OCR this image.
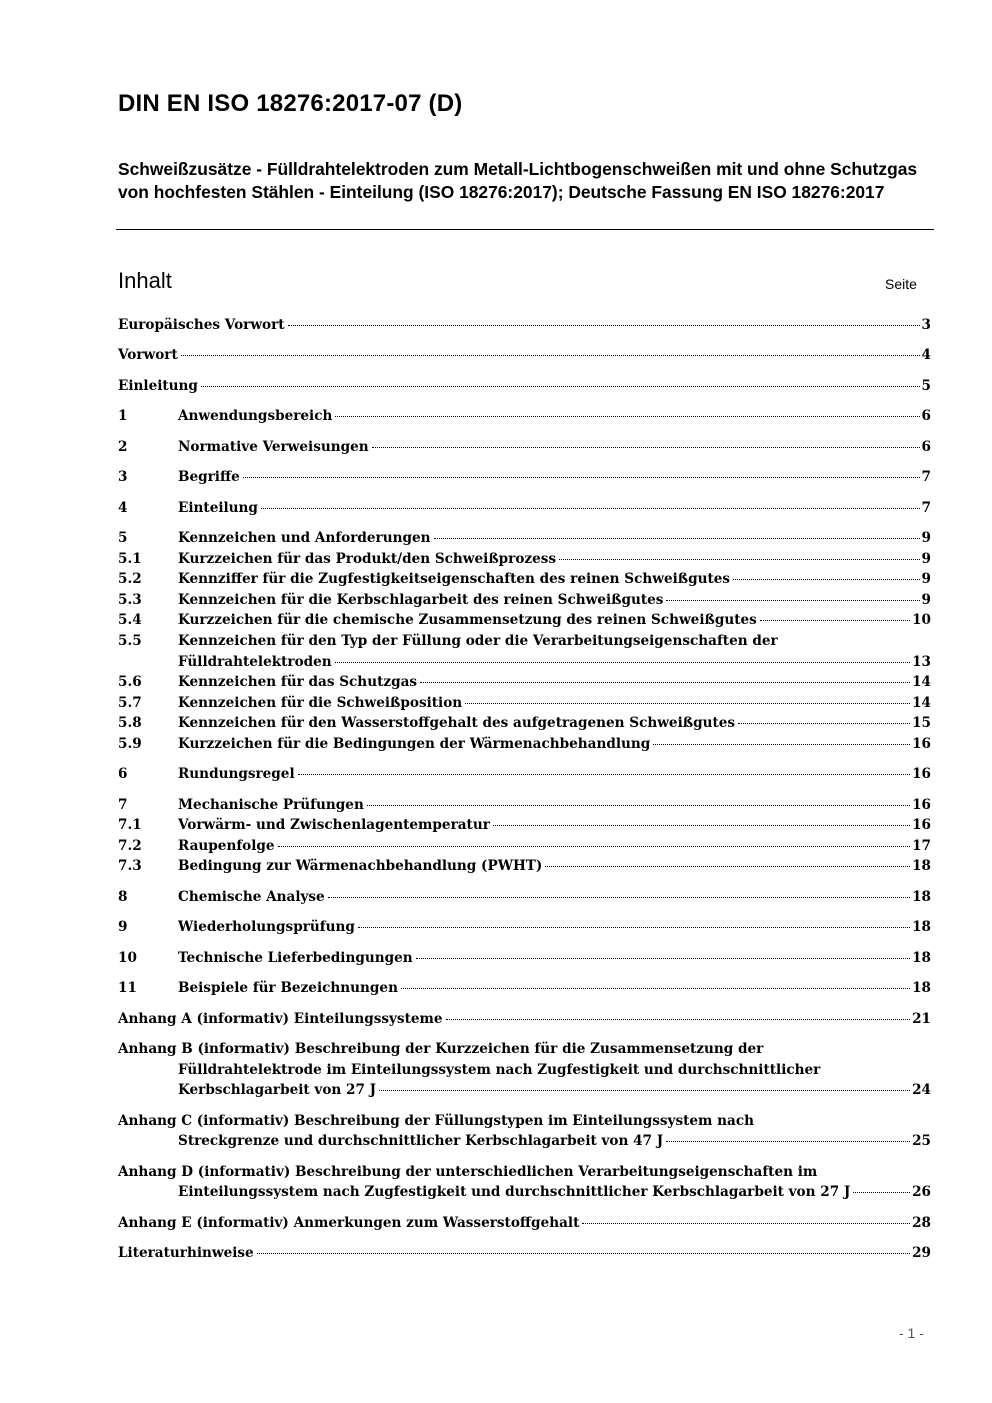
DIN EN ISO 18276:2017-07 (D)
Schweißzusätze - Fülldrahtelektroden zum Metall-Lichtbogenschweißen mit und ohne Schutzgas von hochfesten Stählen - Einteilung (ISO 18276:2017); Deutsche Fassung EN ISO 18276:2017
Inhalt	Seite
Europäisches Vorwort	3
Vorwort	4
Einleitung	5
1	Anwendungsbereich	6
2	Normative Verweisungen	6
3	Begriffe	7
4	Einteilung	7
5	Kennzeichen und Anforderungen	9
5.1	Kurzzeichen für das Produkt/den Schweißprozess	9
5.2	Kennziffer für die Zugfestigkeitseigenschaften des reinen Schweißgutes	9
5.3	Kennzeichen für die Kerbschlagarbeit des reinen Schweißgutes	9
5.4	Kurzzeichen für die chemische Zusammensetzung des reinen Schweißgutes	10
5.5	Kennzeichen für den Typ der Füllung oder die Verarbeitungseigenschaften der
Fülldrahtelektroden	13
5.6	Kennzeichen für das Schutzgas	14
5.7	Kennzeichen für die Schweißposition	14
5.8	Kennzeichen für den Wasserstoffgehalt des aufgetragenen Schweißgutes	15
5.9	Kurzzeichen für die Bedingungen der Wärmenachbehandlung	16
6	Rundungsregel	16
7	Mechanische Prüfungen	16
7.1	Vorwärm- und Zwischenlagentemperatur	16
7.2	Raupenfolge	17
7.3	Bedingung zur Wärmenachbehandlung (PWHT)	18
8	Chemische Analyse	18
9	Wiederholungsprüfung	18
10	Technische Lieferbedingungen	18
11	Beispiele für Bezeichnungen	18
Anhang A (informativ) Einteilungssysteme	21
Anhang B (informativ) Beschreibung der Kurzzeichen für die Zusammensetzung der
Fülldrahtelektrode im Einteilungssystem nach Zugfestigkeit und durchschnittlicher
Kerbschlagarbeit von 27 J	24
Anhang C (informativ) Beschreibung der Füllungstypen im Einteilungssystem nach
Streckgrenze und durchschnittlicher Kerbschlagarbeit von 47 J	25
Anhang D (informativ) Beschreibung der unterschiedlichen Verarbeitungseigenschaften im
Einteilungssystem nach Zugfestigkeit und durchschnittlicher Kerbschlagarbeit von 27 J	26
Anhang E (informativ) Anmerkungen zum Wasserstoffgehalt	28
Literaturhinweise	29
- 1 -
